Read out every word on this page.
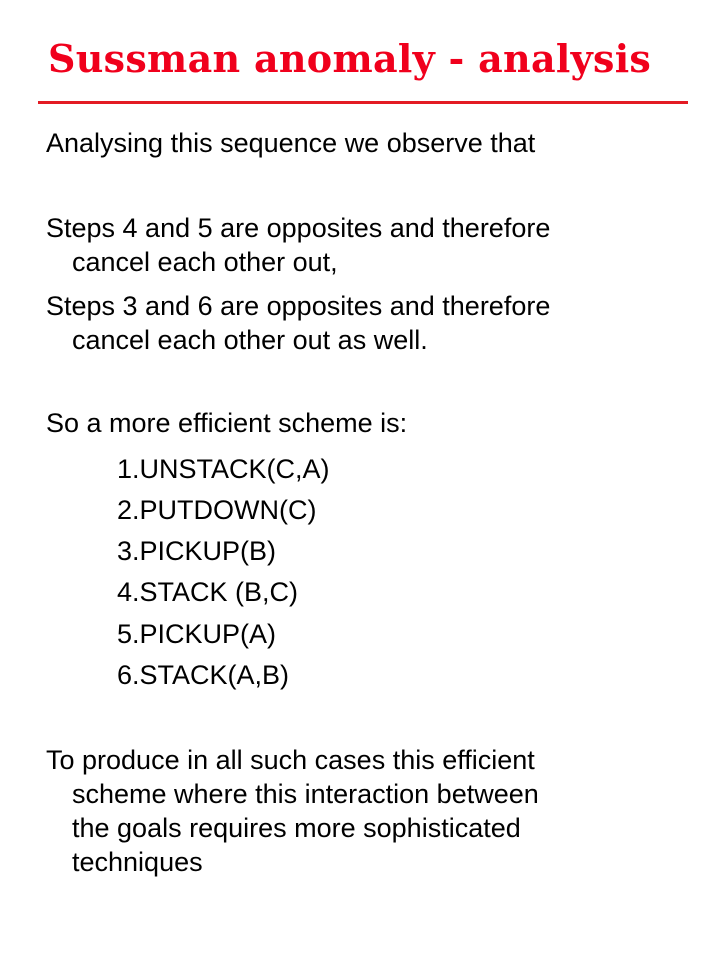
Sussman anomaly - analysis

Analysing this sequence we observe that

Steps 4 and 5 are opposites and therefore
cancel each other out,

Steps 3 and 6 are opposites and therefore
cancel each other out as well.

So a more efficient scheme is:

1.UNSTACK(C,A)

2.PUTDOWN(C)

3.PICKUP(B)

4.STACK (B,C)

5.PICKUP(A)

6.STACK(A,B)

To produce in all such cases this efficient
scheme where this interaction between
the goals requires more sophisticated
techniques
